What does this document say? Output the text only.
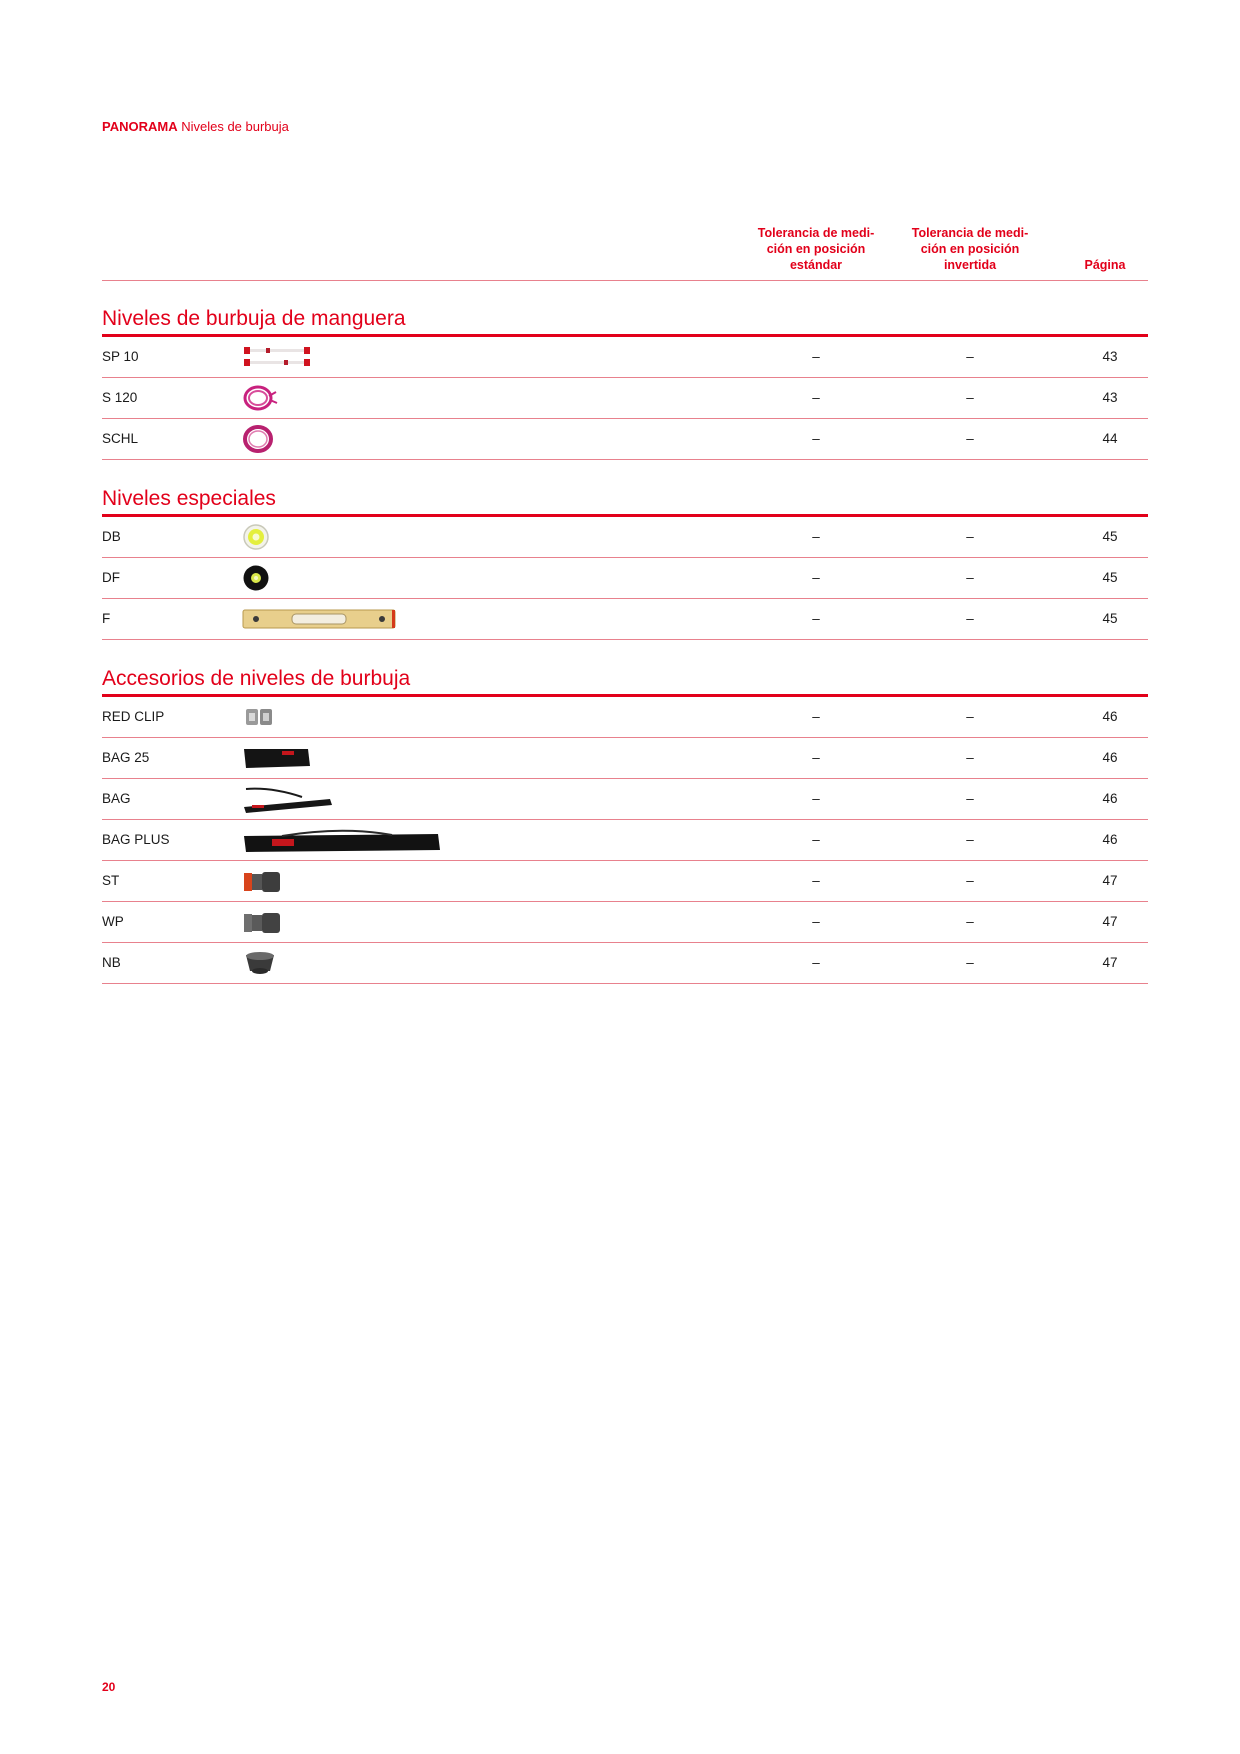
PANORAMA Niveles de burbuja
Tolerancia de medi-
ción en posición
estándar
Tolerancia de medi-
ción en posición
invertida	Página
Niveles de burbuja de manguera
SP 10	–	–	43
S 120	–	–	43
SCHL	–	–	44
Niveles especiales
DB	–	–	45
DF	–	–	45
F	–	–	45
Accesorios de niveles de burbuja
RED CLIP	–	–	46
BAG 25	–	–	46
BAG	–	–	46
BAG PLUS	–	–	46
ST	–	–	47
WP	–	–	47
NB	–	–	47
20
